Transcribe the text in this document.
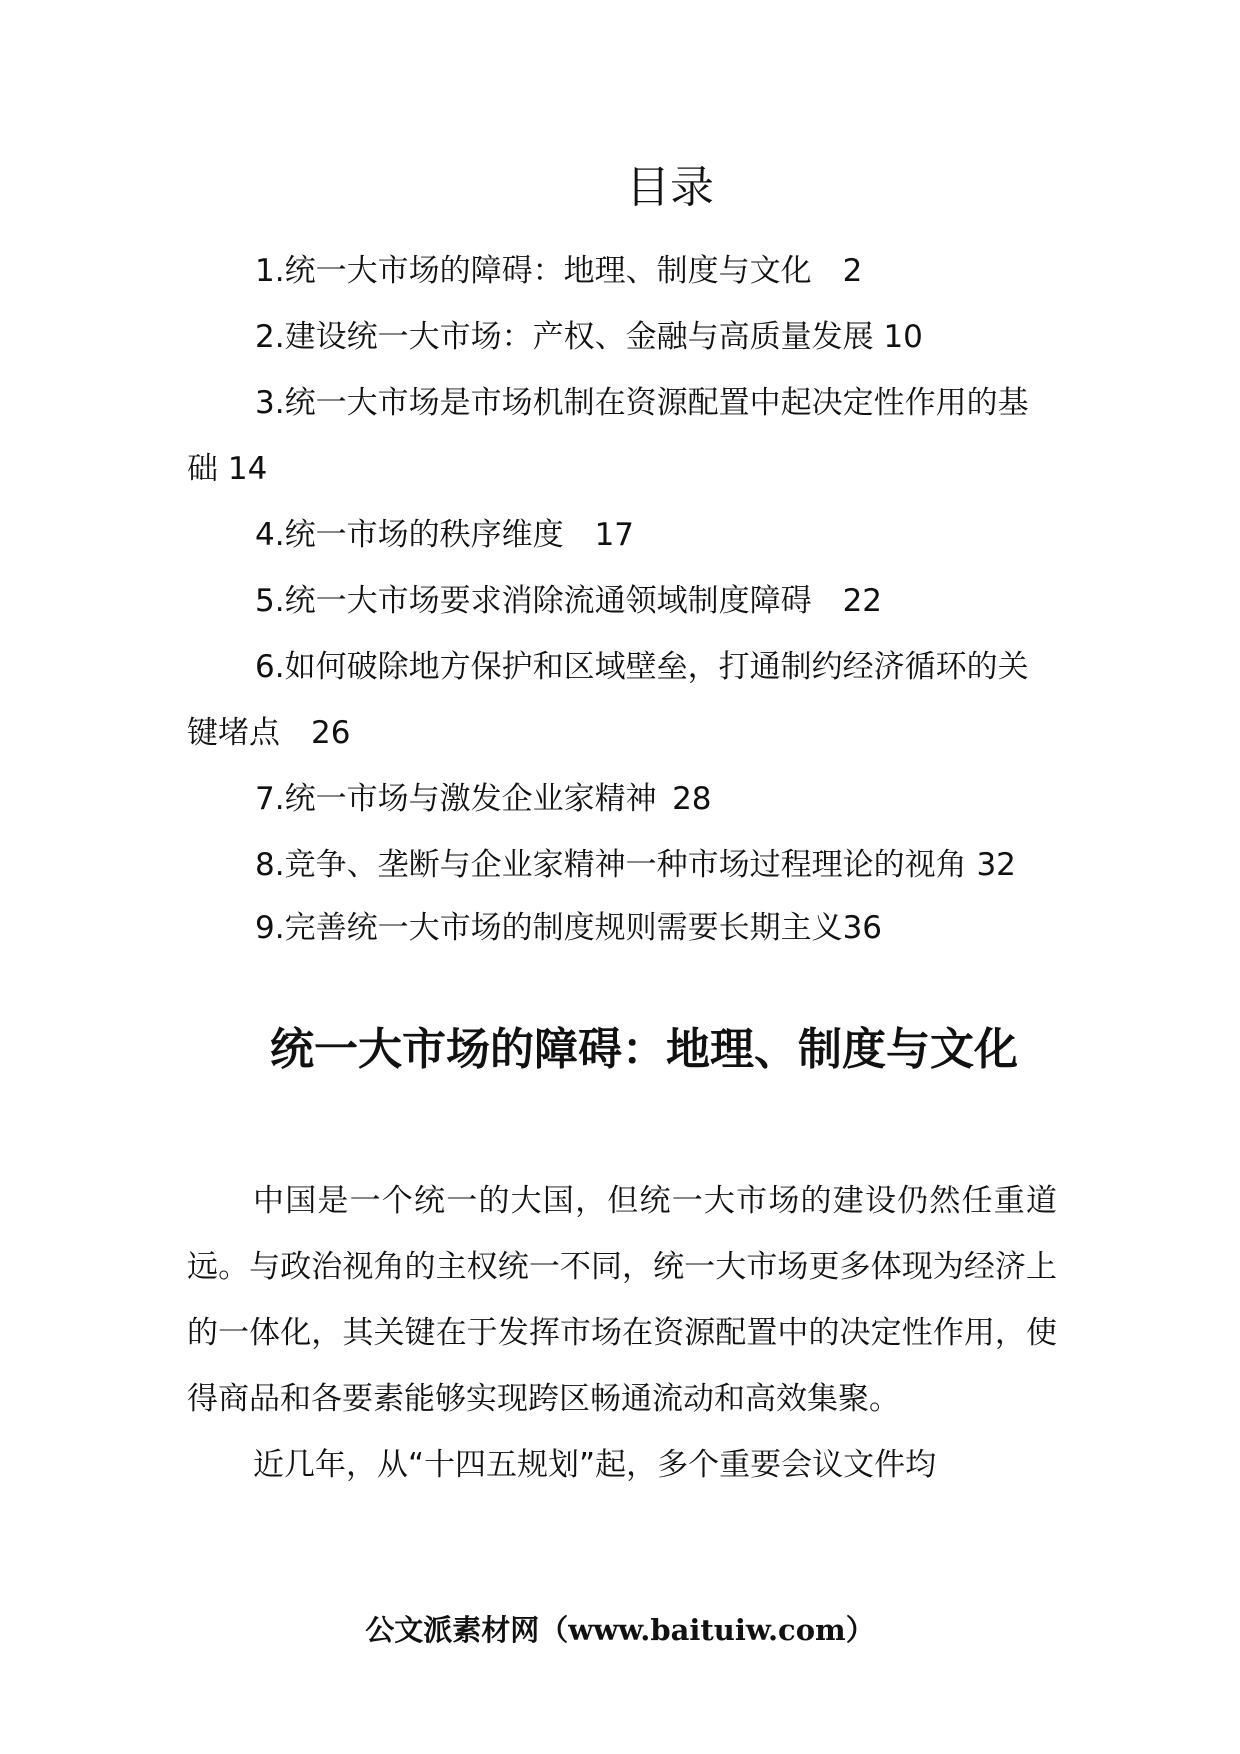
目录
1.统一大市场的障碍：地理、制度与文化  2
2.建设统一大市场：产权、金融与高质量发展 10
3.统一大市场是市场机制在资源配置中起决定性作用的基础 14
4.统一市场的秩序维度  17
5.统一大市场要求消除流通领域制度障碍  22
6.如何破除地方保护和区域壁垒，打通制约经济循环的关键堵点  26
7.统一市场与激发企业家精神  28
8.竞争、垄断与企业家精神一种市场过程理论的视角 32
9.完善统一大市场的制度规则需要长期主义36
统一大市场的障碍：地理、制度与文化

中国是一个统一的大国，但统一大市场的建设仍然任重道远。与政治视角的主权统一不同，统一大市场更多体现为经济上的一体化，其关键在于发挥市场在资源配置中的决定性作用，使得商品和各要素能够实现跨区畅通流动和高效集聚。

近几年，从“十四五规划”起，多个重要会议文件均

公文派素材网（www.baituiw.com）
